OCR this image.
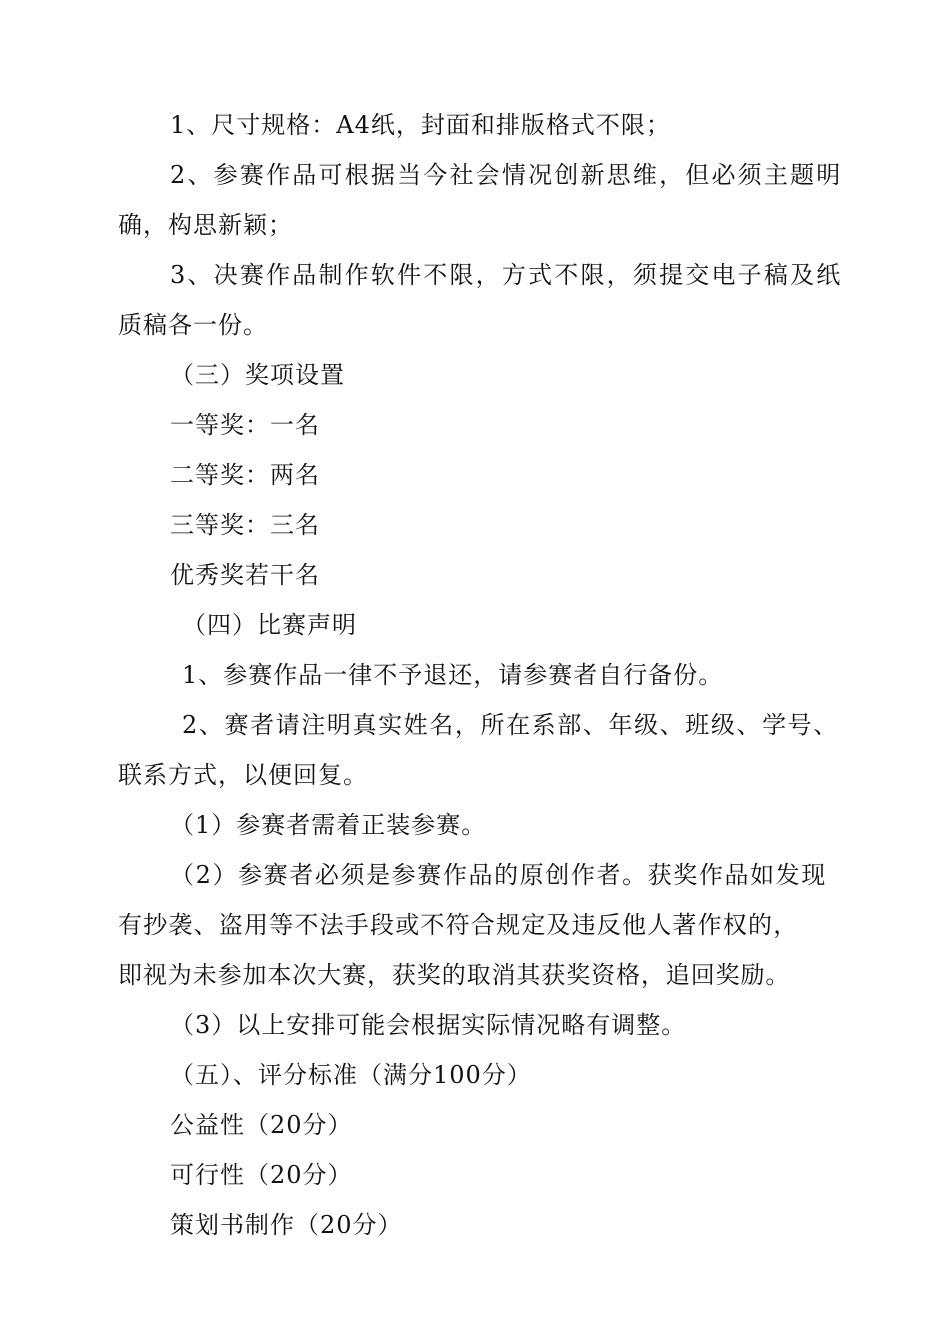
1、尺寸规格：A4纸，封面和排版格式不限；
2、参赛作品可根据当今社会情况创新思维，但必须主题明
确，构思新颖；
3、决赛作品制作软件不限，方式不限，须提交电子稿及纸
质稿各一份。
（三）奖项设置
一等奖：一名
二等奖：两名
三等奖：三名
优秀奖若干名
（四）比赛声明
1、参赛作品一律不予退还，请参赛者自行备份。
2、赛者请注明真实姓名，所在系部、年级、班级、学号、
联系方式，以便回复。
（1）参赛者需着正装参赛。
（2）参赛者必须是参赛作品的原创作者。获奖作品如发现
有抄袭、盗用等不法手段或不符合规定及违反他人著作权的，
即视为未参加本次大赛，获奖的取消其获奖资格，追回奖励。
（3）以上安排可能会根据实际情况略有调整。
（五）、评分标准（满分100分）
公益性（20分）
可行性（20分）
策划书制作（20分）
